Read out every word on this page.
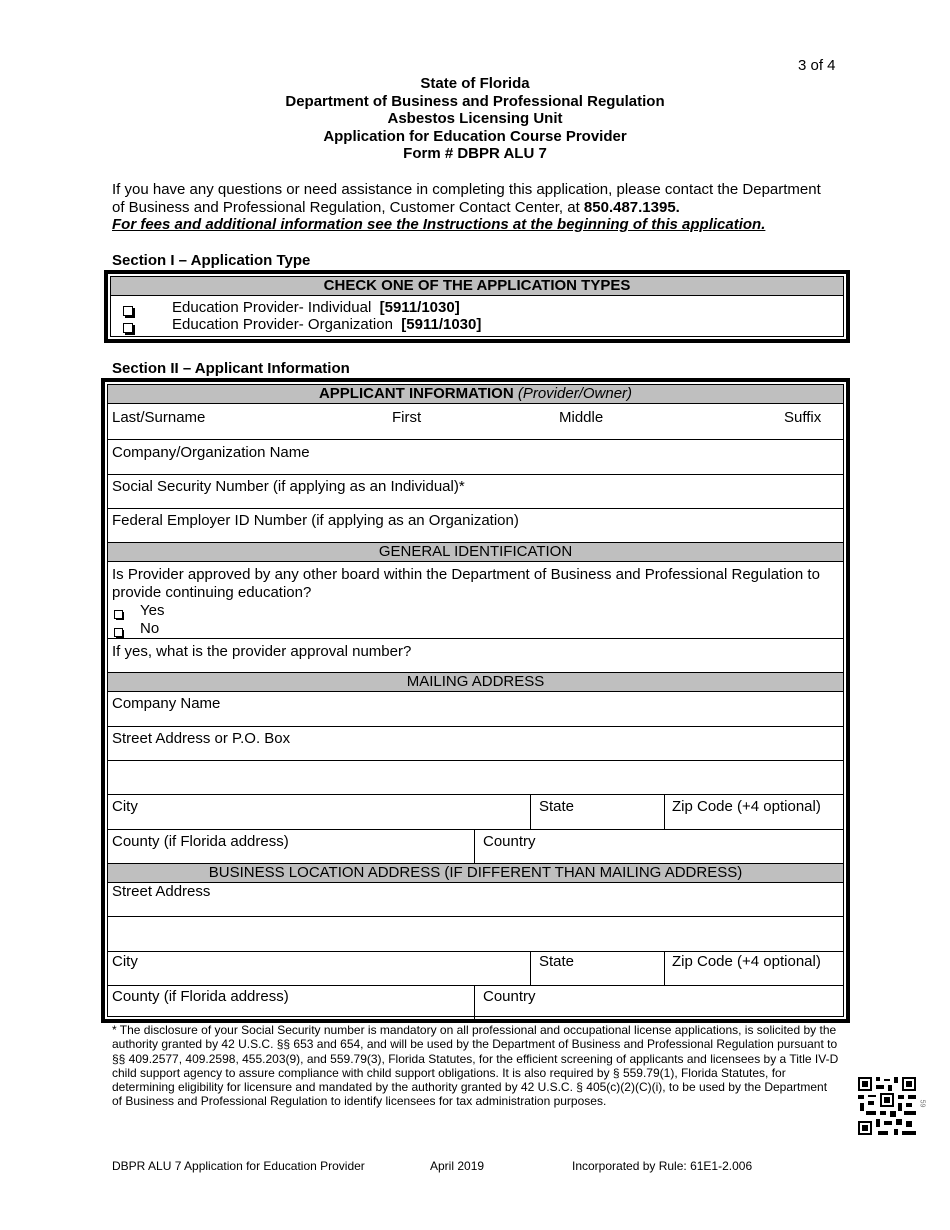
3 of 4
State of Florida
Department of Business and Professional Regulation
Asbestos Licensing Unit
Application for Education Course Provider
Form # DBPR ALU 7
If you have any questions or need assistance in completing this application, please contact the Department of Business and Professional Regulation, Customer Contact Center, at 850.487.1395.
For fees and additional information see the Instructions at the beginning of this application.
Section I – Application Type
CHECK ONE OF THE APPLICATION TYPES
Education Provider- Individual [5911/1030]
Education Provider- Organization [5911/1030]
Section II – Applicant Information
APPLICANT INFORMATION (Provider/Owner)
Last/Surname	First	Middle	Suffix
Company/Organization Name
Social Security Number (if applying as an Individual)*
Federal Employer ID Number (if applying as an Organization)
GENERAL IDENTIFICATION
Is Provider approved by any other board within the Department of Business and Professional Regulation to provide continuing education?
Yes
No
If yes, what is the provider approval number?
MAILING ADDRESS
Company Name
Street Address or P.O. Box
City	State	Zip Code (+4 optional)
County (if Florida address)	Country
BUSINESS LOCATION ADDRESS (IF DIFFERENT THAN MAILING ADDRESS)
Street Address
City	State	Zip Code (+4 optional)
County (if Florida address)	Country
* The disclosure of your Social Security number is mandatory on all professional and occupational license applications, is solicited by the authority granted by 42 U.S.C. §§ 653 and 654, and will be used by the Department of Business and Professional Regulation pursuant to §§ 409.2577, 409.2598, 455.203(9), and 559.79(3), Florida Statutes, for the efficient screening of applicants and licensees by a Title IV-D child support agency to assure compliance with child support obligations. It is also required by § 559.79(1), Florida Statutes, for determining eligibility for licensure and mandated by the authority granted by 42 U.S.C. § 405(c)(2)(C)(i), to be used by the Department of Business and Professional Regulation to identify licensees for tax administration purposes.	59
DBPR ALU 7 Application for Education Provider	April 2019	Incorporated by Rule: 61E1-2.006
